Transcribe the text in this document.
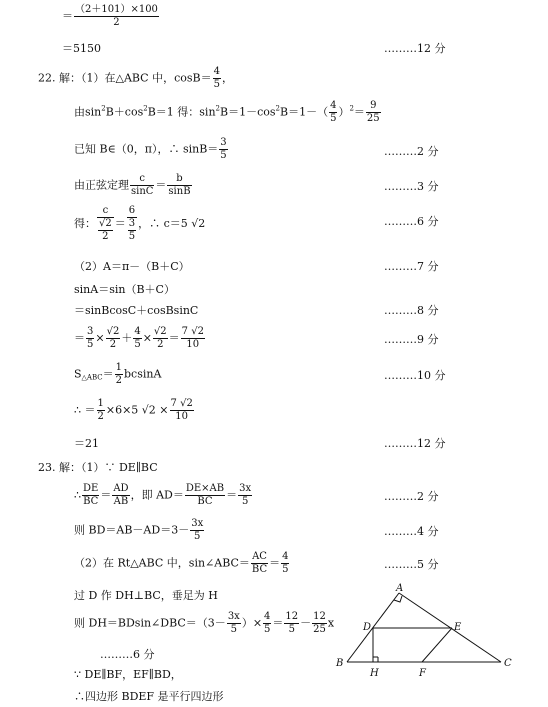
＝ $\frac{(2+101)\times 100}{2}$
＝5150	………12 分
22. 解：（1）在△ABC 中，$\cos B= \frac{4}{5}$ ，
由$\sin^2B+\cos^2B=1$ 得：$\sin^2B=1-\cos^2B=1-( \frac{4}{5} )^2= \frac{9}{25}$
已知 B∈（0，π），∴ $\sin B= \frac{3}{5}$	………2 分
由正弦定理 $\frac{c}{\sin C} = \frac{b}{\sin B}$	………3 分
得： $\frac{c}{\frac{√2}{2}} = \frac{6}{\frac{3}{5}}$ ，∴ c＝5 √2	………6 分
（2）A＝π－（B＋C）	………7 分
sinA＝sin（B＋C）
＝sinBcosC＋cosBsinC	………8 分
＝ $\frac{3}{5} \times \frac{√2}{2} + \frac{4}{5} \times \frac{√2}{2} = \frac{7 √2}{10}$	………9 分
$S_{\triangle ABC}= \frac{1}{2}$ bcsinA	………10 分
∴ ＝ $\frac{1}{2} \times 6\times 5$ $√2 \times \frac{7 √2}{10}$
＝21	………12 分
23. 解：（1）∵ DE∥BC
∴ $\frac{DE}{BC} = \frac{AD}{AB}$ ，即 $AD= \frac{DE\times AB}{BC} = \frac{3x}{5}$	………2 分
则 $BD=AB-AD=3- \frac{3x}{5}$	………4 分
（2）在 Rt△ABC 中，sin∠ABC＝ $\frac{AC}{BC} = \frac{4}{5}$	………5 分
过 D 作 DH⊥BC，垂足为 H
则 DH＝BDsin∠DBC＝（3－ $\frac{3x}{5}$ ）× $\frac{4}{5} = \frac{12}{5} - \frac{12}{25}$ x
………6 分
∵ DE∥BF，EF∥BD，
∴四边形 BDEF 是平行四边形
A
B	C
D	E
F
H
